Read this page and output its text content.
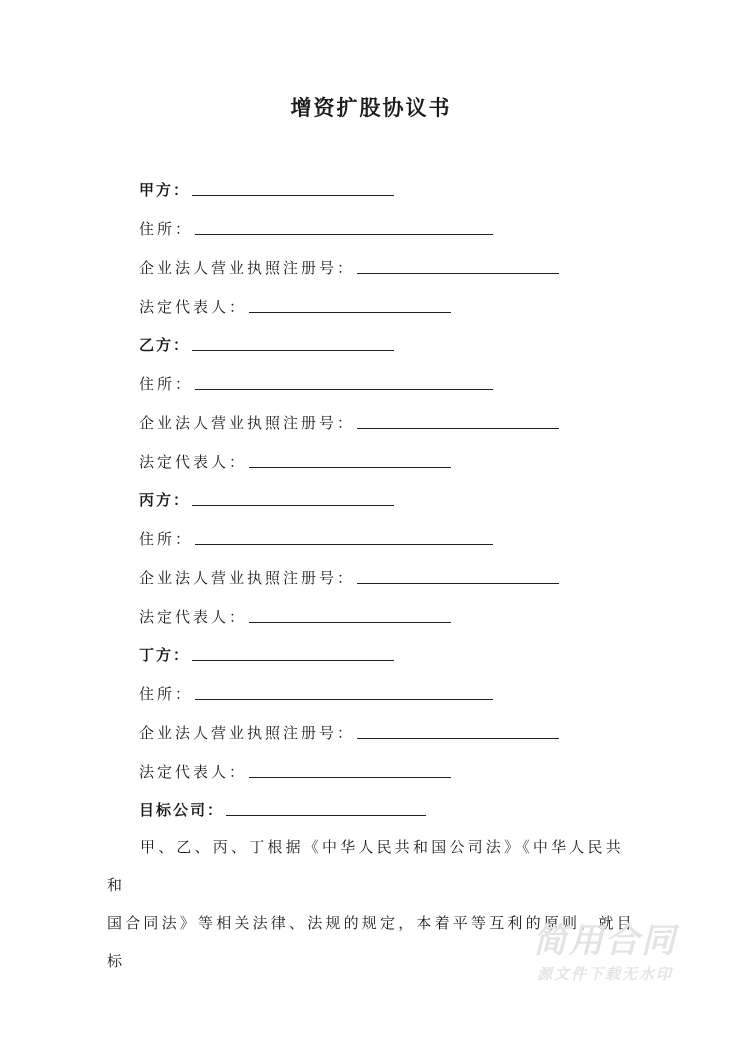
增资扩股协议书
甲方：
住所：
企业法人营业执照注册号：
法定代表人：
乙方：
住所：
企业法人营业执照注册号：
法定代表人：
丙方：
住所：
企业法人营业执照注册号：
法定代表人：
丁方：
住所：
企业法人营业执照注册号：
法定代表人：
目标公司：

甲、乙、丙、丁根据《中华人民共和国公司法》《中华人民共和

国合同法》等相关法律、法规的规定，本着平等互利的原则，就目标	简用合同
源文件下载无水印
